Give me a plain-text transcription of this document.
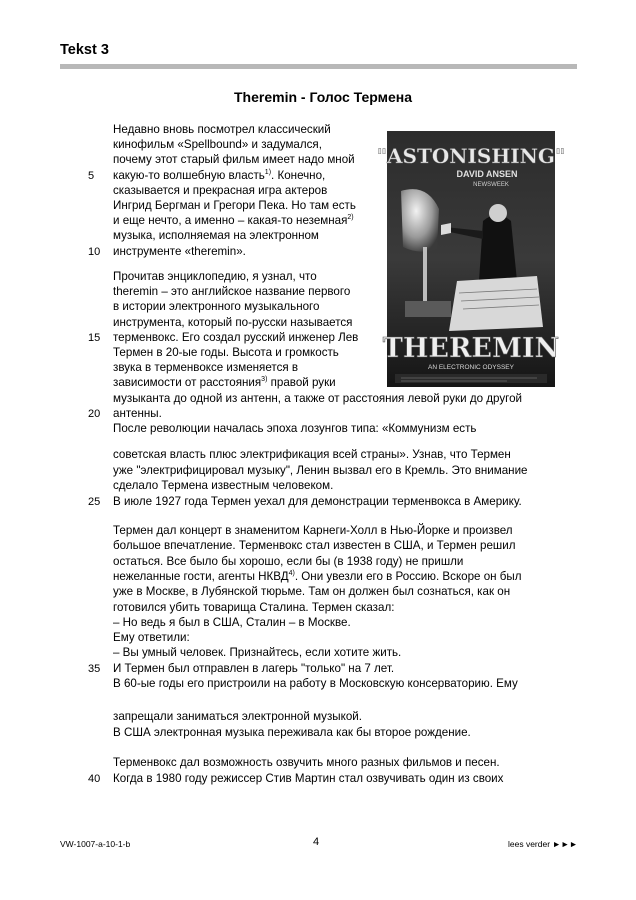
Tekst 3
Theremin - Голос Термена
Недавно вновь посмотрел классический
кинофильм «Spellbound» и задумался,
почему этот старый фильм имеет надо мной
какую-то волшебную власть$^{1)}$. Конечно,
5
сказывается и прекрасная игра актеров
Ингрид Бергман и Грегори Пека. Но там есть
и еще нечто, а именно – какая-то неземная$^{2)}$
музыка, исполняемая на электронном
инструменте «theremin».
10
Прочитав энциклопедию, я узнал, что
theremin – это английское название первого
в истории электронного музыкального
инструмента, который по-русски называется
терменвокс. Его создал русский инженер Лев
15
Термен в 20-ые годы. Высота и громкость
звука в терменвоксе изменяется в
зависимости от расстояния$^{3)}$ правой руки
музыканта до одной из антенн, а также от расстояния левой руки до другой
антенны.
20
После революции началась эпоха лозунгов типа: «Коммунизм есть
советская власть плюс электрификация всей страны». Узнав, что Термен
уже "электрифицировал музыку", Ленин вызвал его в Кремль. Это внимание
сделало Термена известным человеком.
В июле 1927 года Термен уехал для демонстрации терменвокса в Америку.
25
Термен дал концерт в знаменитом Карнеги-Холл в Нью-Йорке и произвел
большое впечатление. Терменвокс стал известен в США, и Термен решил
остаться. Все было бы хорошо, если бы (в 1938 году) не пришли
нежеланные гости, агенты НКВД$^{4)}$. Они увезли его в Россию. Вскоре он был
уже в Москве, в Лубянской тюрьме. Там он должен был сознаться, как он
готовился убить товарища Сталина. Термен сказал:
– Но ведь я был в США, Сталин – в Москве.
Ему ответили:
– Вы умный человек. Признайтесь, если хотите жить.
И Термен был отправлен в лагерь "только" на 7 лет.
35
В 60-ые годы его пристроили на работу в Московскую консерваторию. Ему
запрещали заниматься электронной музыкой.
В США электронная музыка переживала как бы второе рождение.
Терменвокс дал возможность озвучить много разных фильмов и песен.
Когда в 1980 году режиссер Стив Мартин стал озвучивать один из своих
40
"ASTONISHING"
DAVID ANSEN
NEWSWEEK
THEREMIN
AN ELECTRONIC ODYSSEY
VW-1007-a-10-1-b	4	lees verder ►►►
